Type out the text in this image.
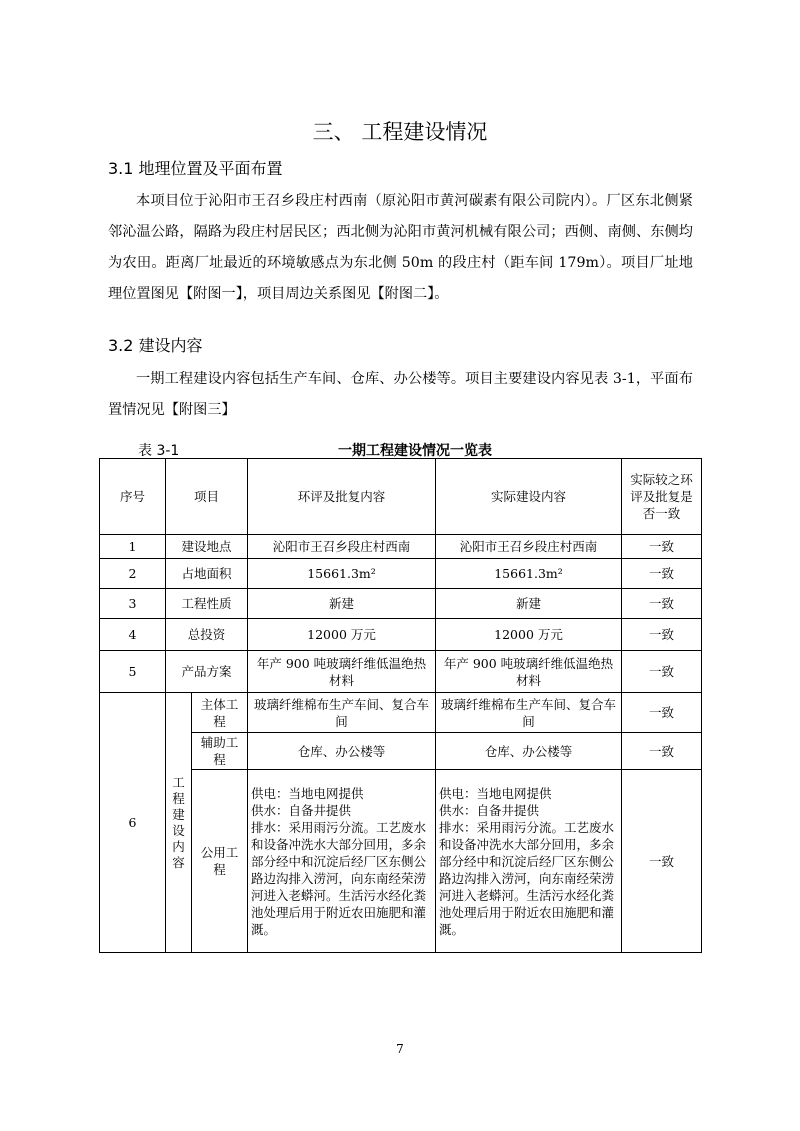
三、 工程建设情况
3.1 地理位置及平面布置

本项目位于沁阳市王召乡段庄村西南（原沁阳市黄河碳素有限公司院内）。厂区东北侧紧邻沁温公路，隔路为段庄村居民区；西北侧为沁阳市黄河机械有限公司；西侧、南侧、东侧均为农田。距离厂址最近的环境敏感点为东北侧 50m 的段庄村（距车间 179m）。项目厂址地理位置图见【附图一】，项目周边关系图见【附图二】。

3.2 建设内容

一期工程建设内容包括生产车间、仓库、办公楼等。项目主要建设内容见表 3-1，平面布置情况见【附图三】

表 3-1	一期工程建设情况一览表
序号	项目		环评及批复内容	实际建设内容	实际较之环评及批复是否一致
1	建设地点		沁阳市王召乡段庄村西南	沁阳市王召乡段庄村西南	一致
2	占地面积		15661.3m²	15661.3m²	一致
3	工程性质		新建	新建	一致
4	总投资		12000 万元	12000 万元	一致
5	产品方案		年产 900 吨玻璃纤维低温绝热材料	年产 900 吨玻璃纤维低温绝热材料	一致
6	工程建设内容	主体工程	玻璃纤维棉布生产车间、复合车间	玻璃纤维棉布生产车间、复合车间	一致
		辅助工程	仓库、办公楼等	仓库、办公楼等	一致
		公用工程	供电：当地电网提供
供水：自备井提供
排水：采用雨污分流。工艺废水和设备冲洗水大部分回用，多余部分经中和沉淀后经厂区东侧公路边沟排入涝河，向东南经荣涝河进入老蟒河。生活污水经化粪池处理后用于附近农田施肥和灌溉。	供电：当地电网提供
供水：自备井提供
排水：采用雨污分流。工艺废水和设备冲洗水大部分回用，多余部分经中和沉淀后经厂区东侧公路边沟排入涝河，向东南经荣涝河进入老蟒河。生活污水经化粪池处理后用于附近农田施肥和灌溉。	一致
7
